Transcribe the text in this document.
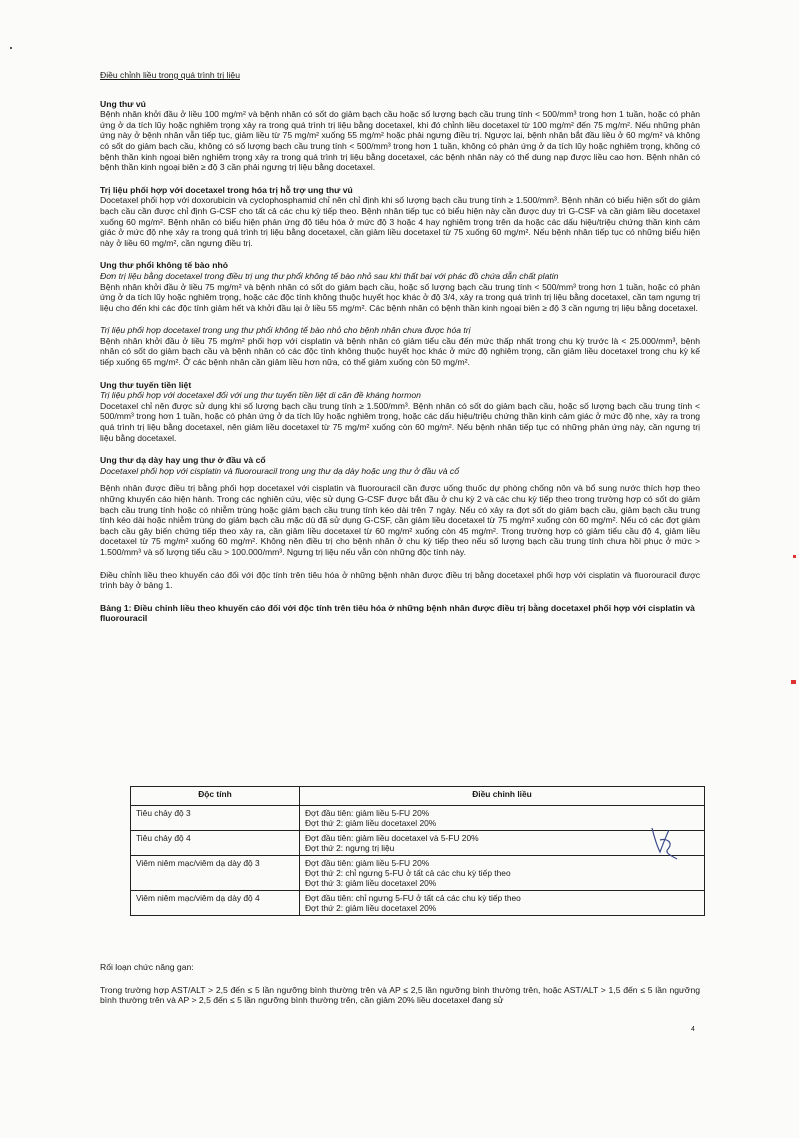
Điều chỉnh liều trong quá trình trị liệu
Ung thư vú

Bệnh nhân khởi đầu ở liều 100 mg/m² và bệnh nhân có sốt do giảm bạch cầu hoặc số lượng bạch cầu trung tính < 500/mm³ trong hơn 1 tuần, hoặc có phản ứng ở da tích lũy hoặc nghiêm trọng xảy ra trong quá trình trị liệu bằng docetaxel, khi đó chỉnh liều docetaxel từ 100 mg/m² đến 75 mg/m². Nếu những phản ứng này ở bệnh nhân vẫn tiếp tục, giảm liều từ 75 mg/m² xuống 55 mg/m² hoặc phải ngưng điều trị. Ngược lại, bệnh nhân bắt đầu liều ở 60 mg/m² và không có sốt do giảm bạch cầu, không có số lượng bạch cầu trung tính < 500/mm³ trong hơn 1 tuần, không có phản ứng ở da tích lũy hoặc nghiêm trọng, không có bệnh thần kinh ngoại biên nghiêm trọng xảy ra trong quá trình trị liệu bằng docetaxel, các bệnh nhân này có thể dung nạp được liều cao hơn. Bệnh nhân có bệnh thần kinh ngoại biên ≥ độ 3 cần phải ngưng trị liệu bằng docetaxel.

Trị liệu phối hợp với docetaxel trong hóa trị hỗ trợ ung thư vú

Docetaxel phối hợp với doxorubicin và cyclophosphamid chỉ nên chỉ định khi số lượng bạch cầu trung tính ≥ 1.500/mm³. Bệnh nhân có biểu hiện sốt do giảm bạch cầu cần được chỉ định G-CSF cho tất cả các chu kỳ tiếp theo. Bệnh nhân tiếp tục có biểu hiện này cần được duy trì G-CSF và cần giảm liều docetaxel xuống 60 mg/m². Bệnh nhân có biểu hiện phản ứng độ tiêu hóa ở mức độ 3 hoặc 4 hay nghiêm trọng trên da hoặc các dấu hiệu/triệu chứng thần kinh cảm giác ở mức độ nhẹ xảy ra trong quá trình trị liệu bằng docetaxel, cần giảm liều docetaxel từ 75 xuống 60 mg/m². Nếu bệnh nhân tiếp tục có những biểu hiện này ở liều 60 mg/m², cần ngưng điều trị.

Ung thư phổi không tế bào nhỏ
Đơn trị liệu bằng docetaxel trong điều trị ung thư phổi không tế bào nhỏ sau khi thất bại với phác đồ chứa dẫn chất platin

Bệnh nhân khởi đầu ở liều 75 mg/m² và bệnh nhân có sốt do giảm bạch cầu, hoặc số lượng bạch cầu trung tính < 500/mm³ trong hơn 1 tuần, hoặc có phản ứng ở da tích lũy hoặc nghiêm trọng, hoặc các độc tính không thuộc huyết học khác ở độ 3/4, xảy ra trong quá trình trị liệu bằng docetaxel, cần tạm ngưng trị liệu cho đến khi các độc tính giảm hết và khởi đầu lại ở liều 55 mg/m². Các bệnh nhân có bệnh thần kinh ngoại biên ≥ độ 3 cần ngưng trị liệu bằng docetaxel.

Trị liệu phối hợp docetaxel trong ung thư phổi không tế bào nhỏ cho bệnh nhân chưa được hóa trị

Bệnh nhân khởi đầu ở liều 75 mg/m² phối hợp với cisplatin và bệnh nhân có giảm tiểu cầu đến mức thấp nhất trong chu kỳ trước là < 25.000/mm³, bệnh nhân có sốt do giảm bạch cầu và bệnh nhân có các độc tính không thuộc huyết học khác ở mức độ nghiêm trọng, cần giảm liều docetaxel trong chu kỳ kế tiếp xuống 65 mg/m². Ở các bệnh nhân cần giảm liều hơn nữa, có thể giảm xuống còn 50 mg/m².

Ung thư tuyến tiền liệt
Trị liệu phối hợp với docetaxel đối với ung thư tuyến tiền liệt di căn đề kháng hormon

Docetaxel chỉ nên được sử dụng khi số lượng bạch cầu trung tính ≥ 1.500/mm³. Bệnh nhân có sốt do giảm bạch cầu, hoặc số lượng bạch cầu trung tính < 500/mm³ trong hơn 1 tuần, hoặc có phản ứng ở da tích lũy hoặc nghiêm trọng, hoặc các dấu hiệu/triệu chứng thần kinh cảm giác ở mức độ nhẹ, xảy ra trong quá trình trị liệu bằng docetaxel, nên giảm liều docetaxel từ 75 mg/m² xuống còn 60 mg/m². Nếu bệnh nhân tiếp tục có những phản ứng này, cần ngưng trị liệu bằng docetaxel.

Ung thư dạ dày hay ung thư ở đầu và cổ
Docetaxel phối hợp với cisplatin và fluorouracil trong ung thư dạ dày hoặc ung thư ở đầu và cổ

Bệnh nhân được điều trị bằng phối hợp docetaxel với cisplatin và fluorouracil cần được uống thuốc dự phòng chống nôn và bổ sung nước thích hợp theo những khuyến cáo hiện hành. Trong các nghiên cứu, việc sử dụng G-CSF được bắt đầu ở chu kỳ 2 và các chu kỳ tiếp theo trong trường hợp có sốt do giảm bạch cầu trung tính hoặc có nhiễm trùng hoặc giảm bạch cầu trung tính kéo dài trên 7 ngày. Nếu có xảy ra đợt sốt do giảm bạch cầu, giảm bạch cầu trung tính kéo dài hoặc nhiễm trùng do giảm bạch cầu mặc dù đã sử dụng G-CSF, cần giảm liều docetaxel từ 75 mg/m² xuống còn 60 mg/m². Nếu có các đợt giảm bạch cầu gây biến chứng tiếp theo xảy ra, cần giảm liều docetaxel từ 60 mg/m² xuống còn 45 mg/m². Trong trường hợp có giảm tiểu cầu độ 4, giảm liều docetaxel từ 75 mg/m² xuống 60 mg/m². Không nên điều trị cho bệnh nhân ở chu kỳ tiếp theo nếu số lượng bạch cầu trung tính chưa hồi phục ở mức > 1.500/mm³ và số lượng tiểu cầu > 100.000/mm³. Ngưng trị liệu nếu vẫn còn những độc tính này.

Điều chỉnh liều theo khuyến cáo đối với độc tính trên tiêu hóa ở những bệnh nhân được điều trị bằng docetaxel phối hợp với cisplatin và fluorouracil được trình bày ở bảng 1.

Bảng 1: Điều chỉnh liều theo khuyến cáo đối với độc tính trên tiêu hóa ở những bệnh nhân được điều trị bằng docetaxel phối hợp với cisplatin và fluorouracil
Độc tính	Điều chỉnh liều
Tiêu chảy độ 3	Đợt đầu tiên: giảm liều 5-FU 20%
Đợt thứ 2: giảm liều docetaxel 20%

Tiêu chảy độ 4	Đợt đầu tiên: giảm liều docetaxel và 5-FU 20%
Đợt thứ 2: ngưng trị liệu

Viêm niêm mạc/viêm dạ dày độ 3	Đợt đầu tiên: giảm liều 5-FU 20%
Đợt thứ 2: chỉ ngưng 5-FU ở tất cả các chu kỳ tiếp theo
Đợt thứ 3: giảm liều docetaxel 20%

Viêm niêm mạc/viêm dạ dày độ 4	Đợt đầu tiên: chỉ ngưng 5-FU ở tất cả các chu kỳ tiếp theo
Đợt thứ 2: giảm liều docetaxel 20%

Rối loạn chức năng gan:

Trong trường hợp AST/ALT > 2,5 đến ≤ 5 lần ngưỡng bình thường trên và AP ≤ 2,5 lần ngưỡng bình thường trên, hoặc AST/ALT > 1,5 đến ≤ 5 lần ngưỡng bình thường trên và AP > 2,5 đến ≤ 5 lần ngưỡng bình thường trên, cần giảm 20% liều docetaxel đang sử

4
